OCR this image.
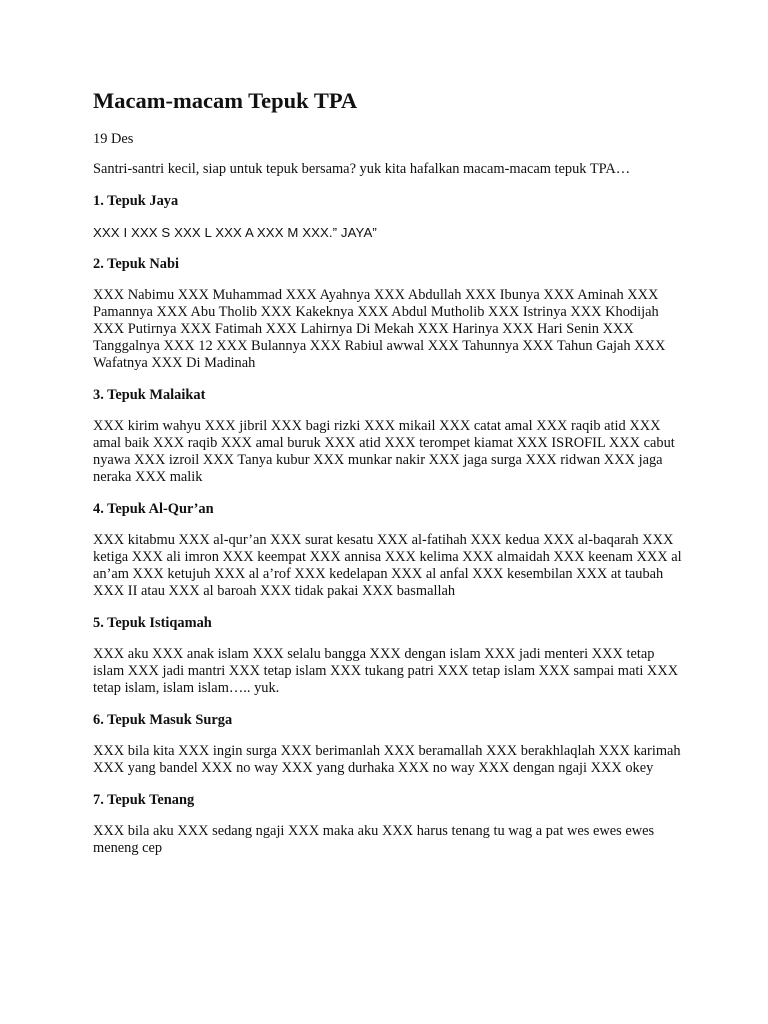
Macam-macam Tepuk TPA

19 Des

Santri-santri kecil, siap untuk tepuk bersama? yuk kita hafalkan macam-macam tepuk TPA…

1. Tepuk Jaya

XXX I XXX S XXX L XXX A XXX M XXX.” JAYA”

2. Tepuk Nabi

XXX Nabimu XXX Muhammad XXX Ayahnya XXX Abdullah XXX Ibunya XXX Aminah XXX Pamannya XXX Abu Tholib XXX Kakeknya XXX Abdul Mutholib XXX Istrinya XXX Khodijah XXX Putirnya XXX Fatimah XXX Lahirnya Di Mekah XXX Harinya XXX Hari Senin XXX Tanggalnya XXX 12 XXX Bulannya XXX Rabiul awwal XXX Tahunnya XXX Tahun Gajah XXX Wafatnya XXX Di Madinah

3. Tepuk Malaikat

XXX kirim wahyu XXX jibril XXX bagi rizki XXX mikail XXX catat amal XXX raqib atid XXX amal baik XXX raqib XXX amal buruk XXX atid XXX terompet kiamat XXX ISROFIL XXX cabut nyawa XXX izroil XXX Tanya kubur XXX munkar nakir XXX jaga surga XXX ridwan XXX jaga neraka XXX malik

4. Tepuk Al-Qur’an

XXX kitabmu XXX al-qur’an XXX surat kesatu XXX al-fatihah XXX kedua XXX al-baqarah XXX ketiga XXX ali imron XXX keempat XXX annisa XXX kelima XXX almaidah XXX keenam XXX al an’am XXX ketujuh XXX al a’rof XXX kedelapan XXX al anfal XXX kesembilan XXX at taubah XXX II atau XXX al baroah XXX tidak pakai XXX basmallah

5. Tepuk Istiqamah

XXX aku XXX anak islam XXX selalu bangga XXX dengan islam XXX jadi menteri XXX tetap islam XXX jadi mantri XXX tetap islam XXX tukang patri XXX tetap islam XXX sampai mati XXX tetap islam, islam islam….. yuk.

6. Tepuk Masuk Surga

XXX bila kita XXX ingin surga XXX berimanlah XXX beramallah XXX berakhlaqlah XXX karimah XXX yang bandel XXX no way XXX yang durhaka XXX no way XXX dengan ngaji XXX okey

7. Tepuk Tenang

XXX bila aku XXX sedang ngaji XXX maka aku XXX harus tenang tu wag a pat wes ewes ewes meneng cep
